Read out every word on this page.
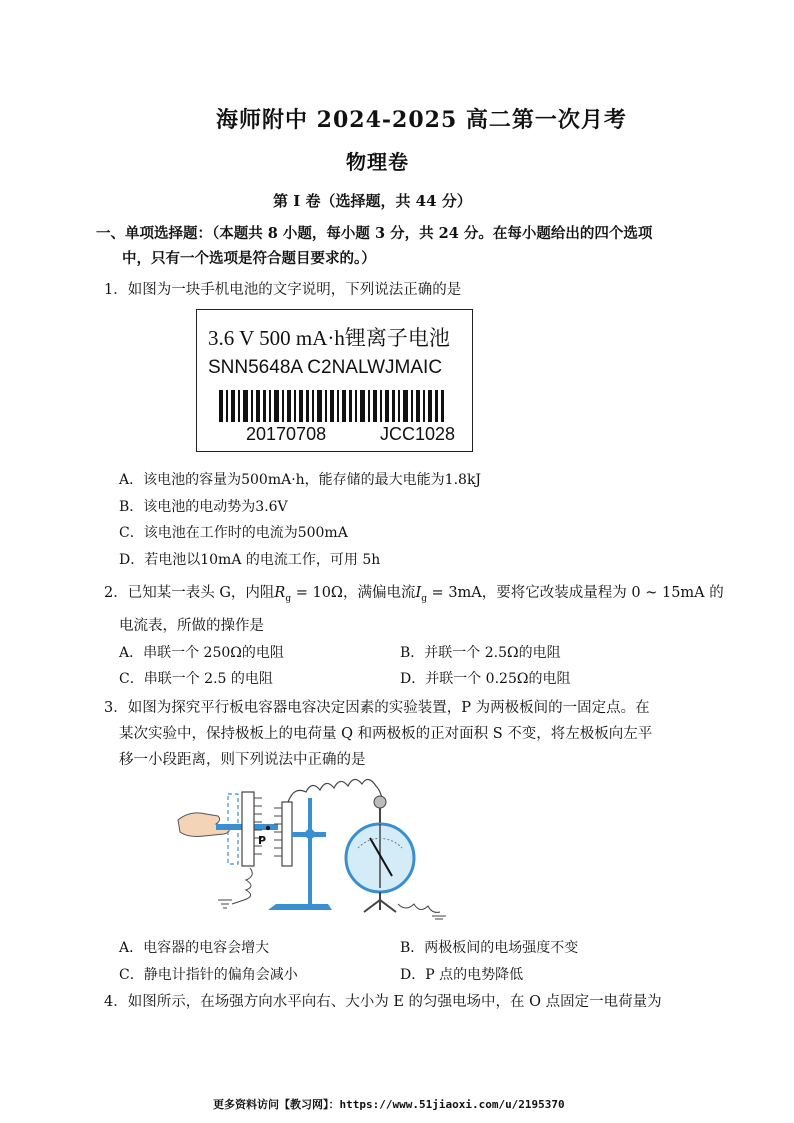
海师附中 2024-2025 高二第一次月考
物理卷
第 I 卷（选择题，共 44 分）
一、单项选择题：（本题共 8 小题，每小题 3 分，共 24 分。在每小题给出的四个选项
中，只有一个选项是符合题目要求的。）
1．如图为一块手机电池的文字说明，下列说法正确的是
3.6 V 500 mA·h锂离子电池
SNN5648A C2NALWJMAIC
20170708	JCC1028
A．该电池的容量为500mA·h，能存储的最大电能为1.8kJ
B．该电池的电动势为3.6V
C．该电池在工作时的电流为500mA
D．若电池以10mA 的电流工作，可用 5h
2．已知某一表头 G，内阻$R_g = 10\Omega$，满偏电流$I_g = 3mA$，要将它改装成量程为 0 ~ 15mA 的
电流表，所做的操作是
A．串联一个 250Ω的电阻	B．并联一个 2.5Ω的电阻
C．串联一个 2.5 的电阻	D．并联一个 0.25Ω的电阻
3．如图为探究平行板电容器电容决定因素的实验装置，P 为两极板间的一固定点。在
某次实验中，保持极板上的电荷量 Q 和两极板的正对面积 S 不变，将左极板向左平
移一小段距离，则下列说法中正确的是
P
A．电容器的电容会增大	B．两极板间的电场强度不变
C．静电计指针的偏角会减小	D．P 点的电势降低
4．如图所示，在场强方向水平向右、大小为 E 的匀强电场中，在 O 点固定一电荷量为
更多资料访问【教习网】：https://www.51jiaoxi.com/u/2195370
